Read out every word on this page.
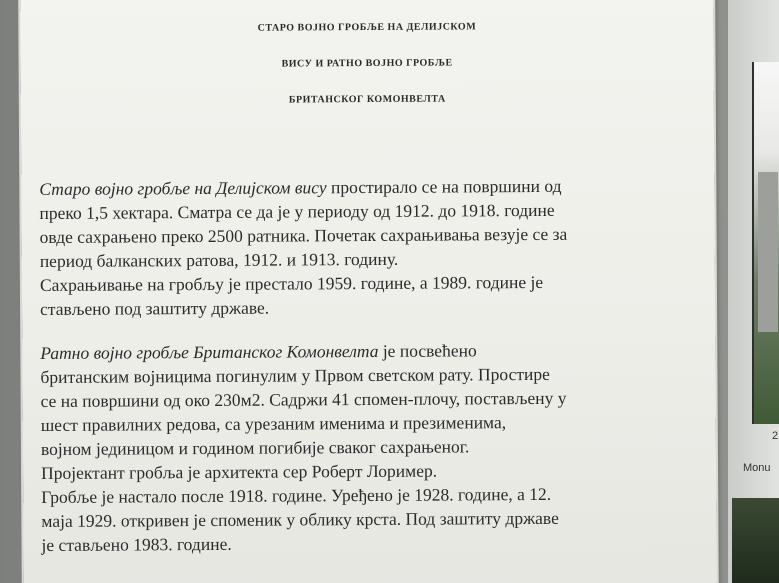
2
Monu
СТАРО ВОЈНО ГРОБЉЕ НА ДЕЛИЈСКОМ
ВИСУ И РАТНО ВОЈНО ГРОБЉЕ
БРИТАНСКОГ КОМОНВЕЛТА

Старо војно гробље на Делијском вису простирало се на површини од

преко 1,5 хектара. Сматра се да је у периоду од 1912. до 1918. године

овде сахрањено преко 2500 ратника. Почетак сахрањивања везује се за

период балканских ратова, 1912. и 1913. годину.

Сахрањивање на гробљу је престало 1959. године, а 1989. године је

стављено под заштиту државе.

Ратно војно гробље Британског Комонвелта је посвећено

британским војницима погинулим у Првом светском рату. Простире

се на површини од око 230м2. Садржи 41 спомен-плочу, постављену у

шест правилних редова, са урезаним именима и презименима,

војном јединицом и годином погибије сваког сахрањеног.

Пројектант гробља је архитекта сер Роберт Лоример.

Гробље је настало после 1918. године. Уређено је 1928. године, а 12.

маја 1929. откривен је споменик у облику крста. Под заштиту државе

је стављено 1983. године.
